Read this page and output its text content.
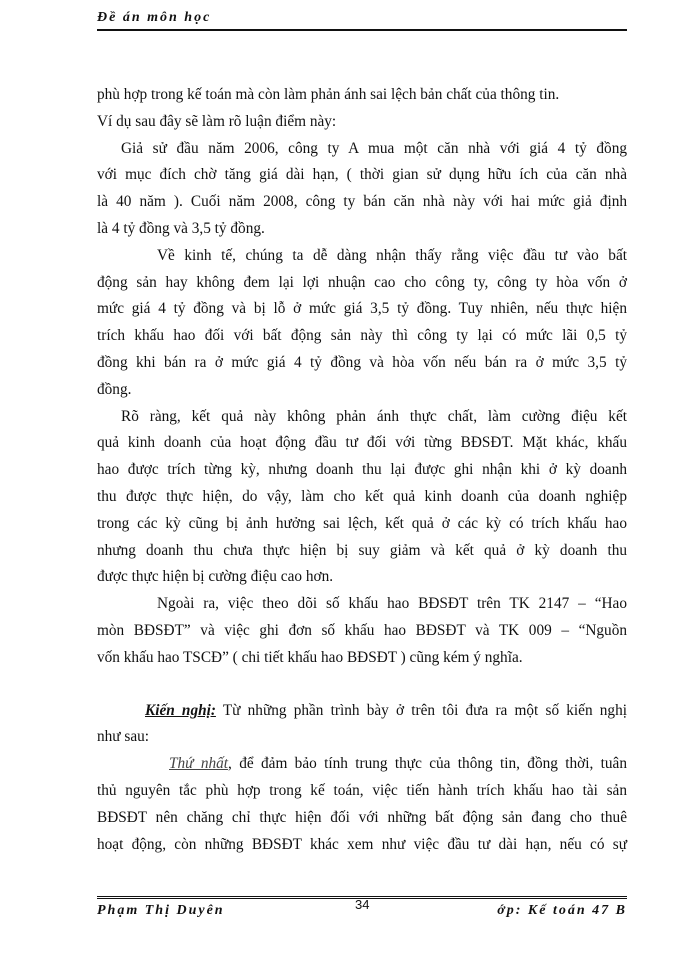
Đề án môn học
phù hợp trong kế toán mà còn làm phản ánh sai lệch bản chất của thông tin.
Ví dụ sau đây sẽ làm rõ luận điểm này:
Giả sử đầu năm 2006, công ty A mua một căn nhà với giá 4 tỷ đồng
với mục đích chờ tăng giá dài hạn, ( thời gian sử dụng hữu ích của căn nhà
là 40 năm ). Cuối năm 2008, công ty bán căn nhà này với hai mức giả định
là 4 tỷ đồng và 3,5 tỷ đồng.
Về kinh tế, chúng ta dễ dàng nhận thấy rằng việc đầu tư vào bất
động sản hay không đem lại lợi nhuận cao cho công ty, công ty hòa vốn ở
mức giá 4 tỷ đồng và bị lỗ ở mức giá 3,5 tỷ đồng. Tuy nhiên, nếu thực hiện
trích khấu hao đối với bất động sản này thì công ty lại có mức lãi 0,5 tỷ
đồng khi bán ra ở mức giá 4 tỷ đồng và hòa vốn nếu bán ra ở mức 3,5 tỷ
đồng.
Rõ ràng, kết quả này không phản ánh thực chất, làm cường điệu kết
quả kinh doanh của hoạt động đầu tư đối với từng BĐSĐT. Mặt khác, khấu
hao được trích từng kỳ, nhưng doanh thu lại được ghi nhận khi ở kỳ doanh
thu được thực hiện, do vậy, làm cho kết quả kinh doanh của doanh nghiệp
trong các kỳ cũng bị ảnh hưởng sai lệch, kết quả ở các kỳ có trích khấu hao
nhưng doanh thu chưa thực hiện bị suy giảm và kết quả ở kỳ doanh thu
được thực hiện bị cường điệu cao hơn.
Ngoài ra, việc theo dõi số khấu hao BĐSĐT trên TK 2147 – “Hao
mòn BĐSĐT” và việc ghi đơn số khấu hao BĐSĐT và TK 009 – “Nguồn
vốn khấu hao TSCĐ” ( chi tiết khấu hao BĐSĐT ) cũng kém ý nghĩa.
Kiến nghị: Từ những phần trình bày ở trên tôi đưa ra một số kiến nghị
như sau:
Thứ nhất, để đảm bảo tính trung thực của thông tin, đồng thời, tuân
thủ nguyên tắc phù hợp trong kế toán, việc tiến hành trích khấu hao tài sản
BĐSĐT nên chăng chỉ thực hiện đối với những bất động sản đang cho thuê
hoạt động, còn những BĐSĐT khác xem như việc đầu tư dài hạn, nếu có sự
Phạm Thị Duyên	34	ớp: Kế toán 47 B
